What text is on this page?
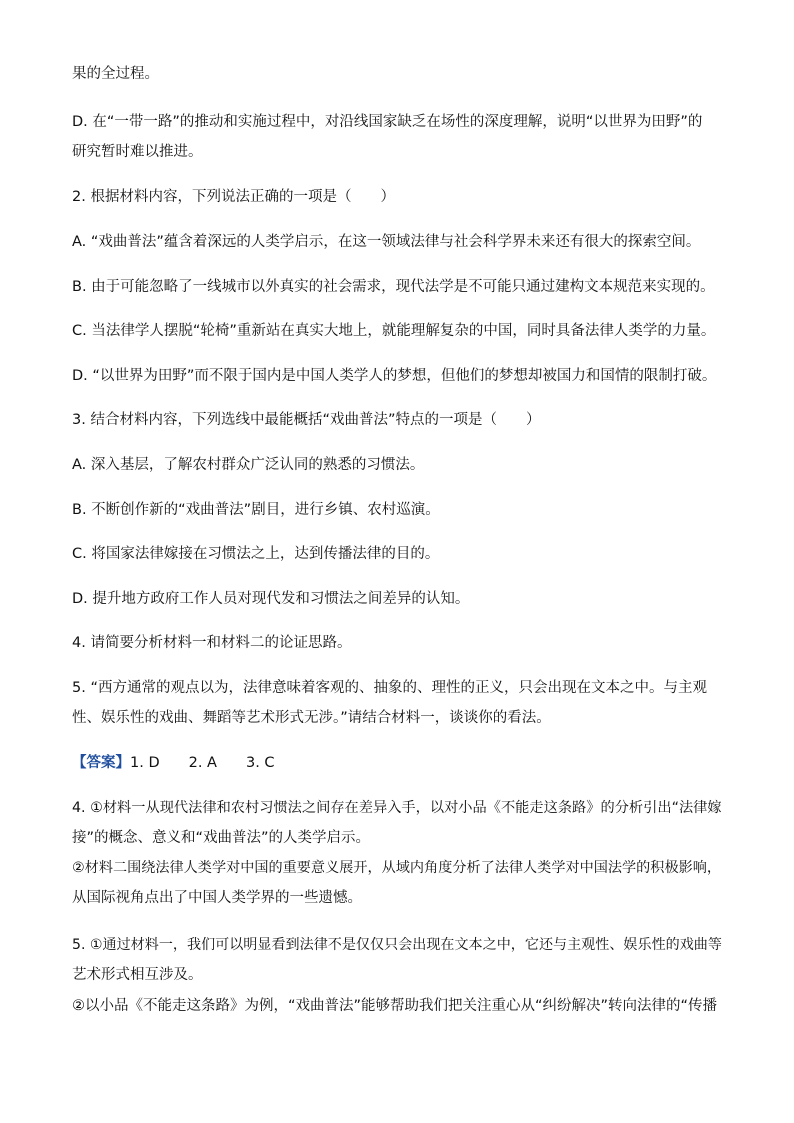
果的全过程。
D. 在“一带一路”的推动和实施过程中，对沿线国家缺乏在场性的深度理解，说明“以世界为田野”的
研究暂时难以推进。
2. 根据材料内容，下列说法正确的一项是（　　）
A. “戏曲普法”蕴含着深远的人类学启示，在这一领域法律与社会科学界未来还有很大的探索空间。
B. 由于可能忽略了一线城市以外真实的社会需求，现代法学是不可能只通过建构文本规范来实现的。
C. 当法律学人摆脱“轮椅”重新站在真实大地上，就能理解复杂的中国，同时具备法律人类学的力量。
D. “以世界为田野”而不限于国内是中国人类学人的梦想，但他们的梦想却被国力和国情的限制打破。
3. 结合材料内容，下列选线中最能概括“戏曲普法”特点的一项是（　　）
A. 深入基层，了解农村群众广泛认同的熟悉的习惯法。
B. 不断创作新的“戏曲普法”剧目，进行乡镇、农村巡演。
C. 将国家法律嫁接在习惯法之上，达到传播法律的目的。
D. 提升地方政府工作人员对现代发和习惯法之间差异的认知。
4. 请简要分析材料一和材料二的论证思路。
5. “西方通常的观点以为，法律意味着客观的、抽象的、理性的正义，只会出现在文本之中。与主观
性、娱乐性的戏曲、舞蹈等艺术形式无涉。”请结合材料一，谈谈你的看法。
【答案】1. D　　2. A　　3. C
4. ①材料一从现代法律和农村习惯法之间存在差异入手，以对小品《不能走这条路》的分析引出“法律嫁
接”的概念、意义和“戏曲普法”的人类学启示。
②材料二围绕法律人类学对中国的重要意义展开，从域内角度分析了法律人类学对中国法学的积极影响，
从国际视角点出了中国人类学界的一些遗憾。
5. ①通过材料一，我们可以明显看到法律不是仅仅只会出现在文本之中，它还与主观性、娱乐性的戏曲等
艺术形式相互涉及。
②以小品《不能走这条路》为例，“戏曲普法”能够帮助我们把关注重心从“纠纷解决”转向法律的“传播
